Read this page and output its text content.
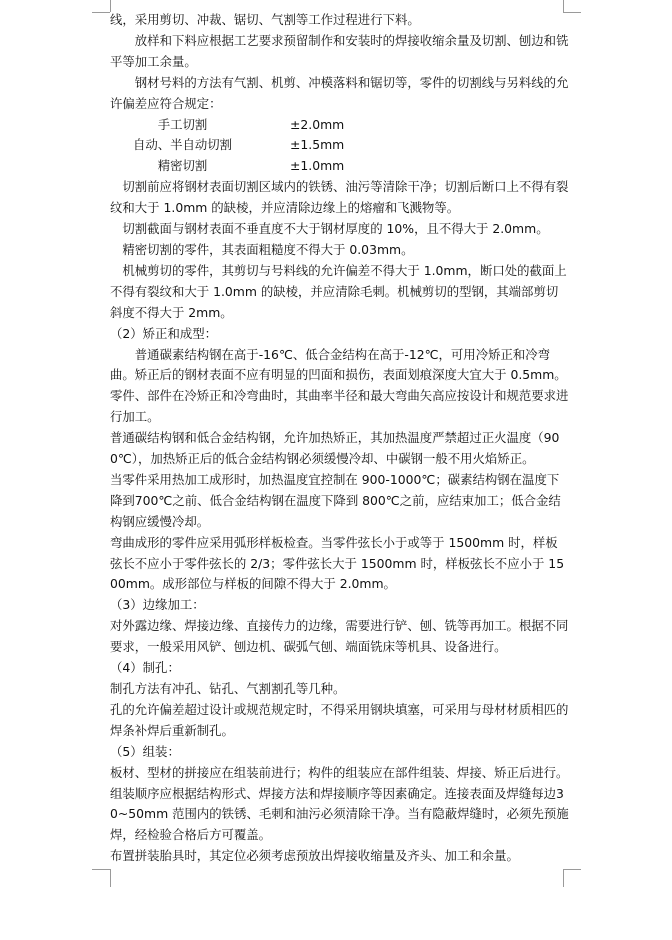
线，采用剪切、冲裁、锯切、气割等工作过程进行下料。

放样和下料应根据工艺要求预留制作和安装时的焊接收缩余量及切割、刨边和铣平等加工余量。

钢材号料的方法有气割、机剪、冲模落料和锯切等，零件的切割线与另料线的允许偏差应符合规定：

手工切割	±2.0mm

自动、半自动切割	±1.5mm

精密切割	±1.0mm

切割前应将钢材表面切割区域内的铁锈、油污等清除干净；切割后断口上不得有裂纹和大于 1.0mm 的缺棱，并应清除边缘上的熔瘤和飞溅物等。

切割截面与钢材表面不垂直度不大于钢材厚度的 10%，且不得大于 2.0mm。

精密切割的零件，其表面粗糙度不得大于 0.03mm。

机械剪切的零件，其剪切与号料线的允许偏差不得大于 1.0mm，断口处的截面上不得有裂纹和大于 1.0mm 的缺棱，并应清除毛刺。机械剪切的型钢，其端部剪切斜度不得大于 2mm。

（2）矫正和成型：

普通碳素结构钢在高于-16℃、低合金结构在高于-12℃，可用冷矫正和冷弯曲。矫正后的钢材表面不应有明显的凹面和损伤，表面划痕深度大宜大于 0.5mm。

零件、部件在冷矫正和冷弯曲时，其曲率半径和最大弯曲矢高应按设计和规范要求进行加工。

普通碳结构钢和低合金结构钢，允许加热矫正，其加热温度严禁超过正火温度（900℃），加热矫正后的低合金结构钢必须缓慢冷却、中碳钢一般不用火焰矫正。

当零件采用热加工成形时，加热温度宜控制在 900-1000℃；碳素结构钢在温度下降到700℃之前、低合金结构钢在温度下降到 800℃之前，应结束加工；低合金结构钢应缓慢冷却。

弯曲成形的零件应采用弧形样板检查。当零件弦长小于或等于 1500mm 时，样板弦长不应小于零件弦长的 2/3；零件弦长大于 1500mm 时，样板弦长不应小于 1500mm。成形部位与样板的间隙不得大于 2.0mm。

（3）边缘加工：

对外露边缘、焊接边缘、直接传力的边缘，需要进行铲、刨、铣等再加工。根据不同要求，一般采用风铲、刨边机、碳弧气刨、端面铣床等机具、设备进行。

（4）制孔：

制孔方法有冲孔、钻孔、气割割孔等几种。

孔的允许偏差超过设计或规范规定时，不得采用钢块填塞，可采用与母材材质相匹的焊条补焊后重新制孔。

（5）组装：

板材、型材的拼接应在组装前进行；构件的组装应在部件组装、焊接、矫正后进行。

组装顺序应根据结构形式、焊接方法和焊接顺序等因素确定。连接表面及焊缝每边30~50mm 范围内的铁锈、毛刺和油污必须清除干净。当有隐蔽焊缝时，必须先预施焊，经检验合格后方可覆盖。

布置拼装胎具时，其定位必须考虑预放出焊接收缩量及齐头、加工和余量。
